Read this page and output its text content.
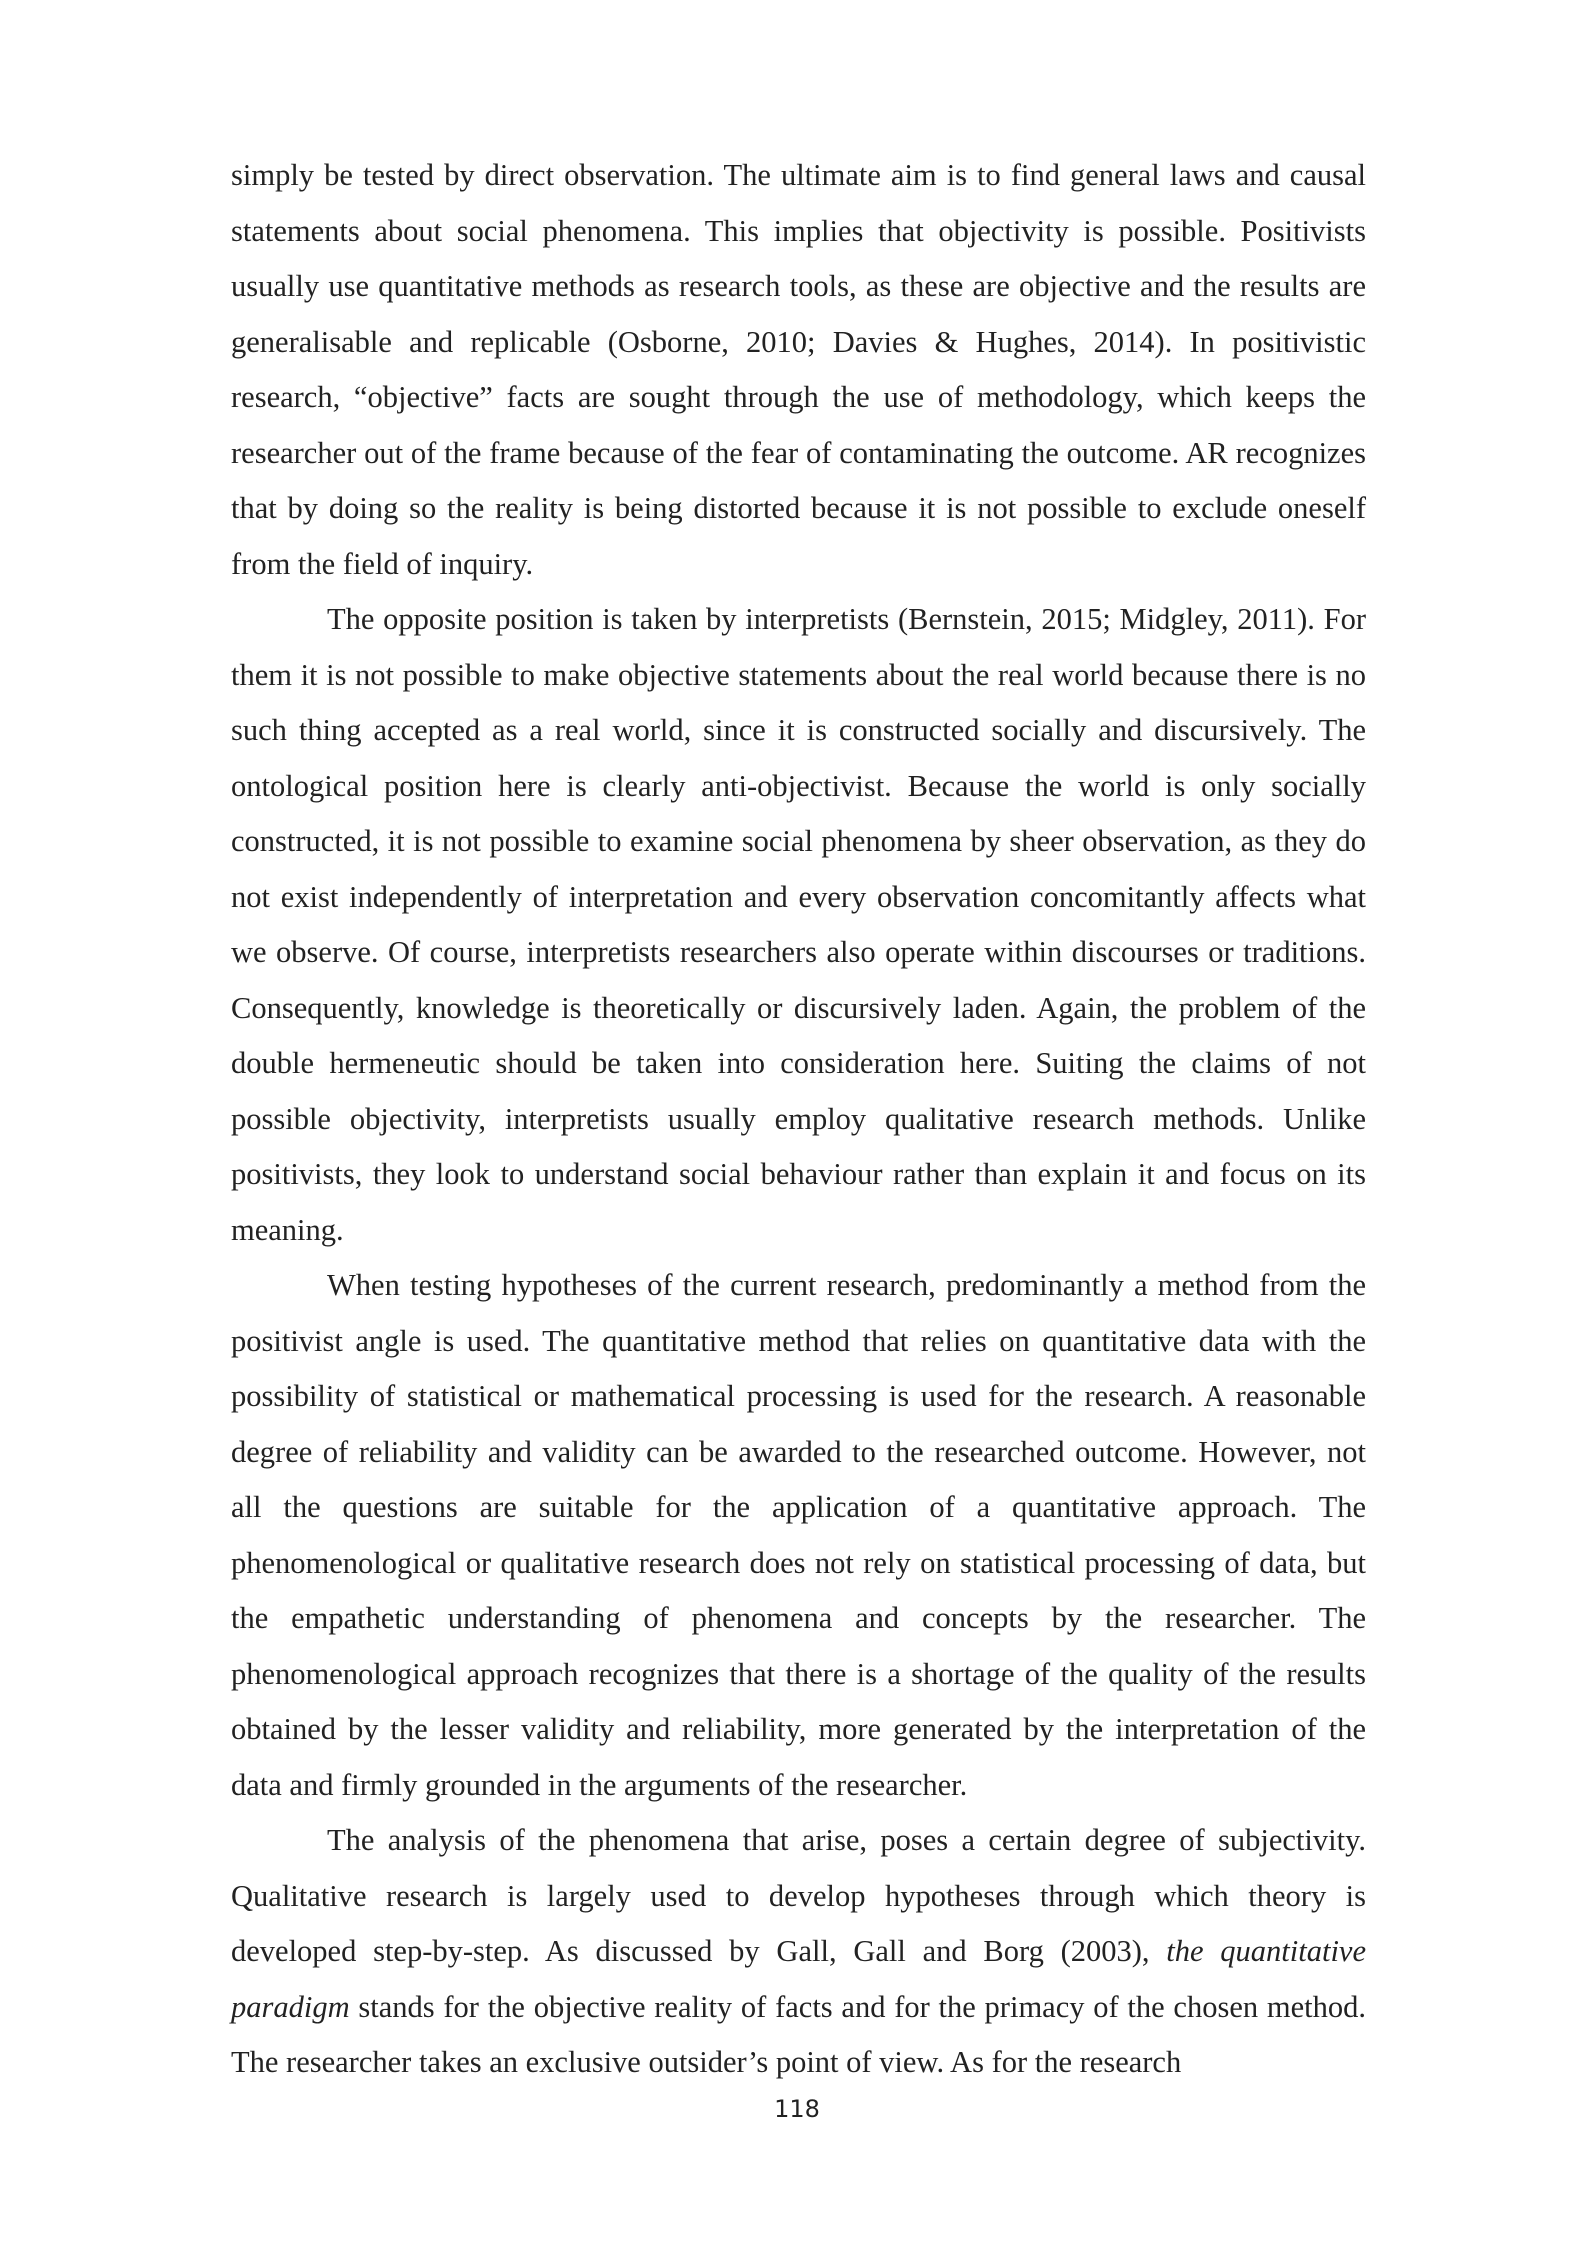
simply be tested by direct observation. The ultimate aim is to find general laws and causal statements about social phenomena. This implies that objectivity is possible. Positivists usually use quantitative methods as research tools, as these are objective and the results are generalisable and replicable (Osborne, 2010; Davies & Hughes, 2014). In positivistic research, “objective” facts are sought through the use of methodology, which keeps the researcher out of the frame because of the fear of contaminating the outcome. AR recognizes that by doing so the reality is being distorted because it is not possible to exclude oneself from the field of inquiry.

The opposite position is taken by interpretists (Bernstein, 2015; Midgley, 2011). For them it is not possible to make objective statements about the real world because there is no such thing accepted as a real world, since it is constructed socially and discursively. The ontological position here is clearly anti-objectivist. Because the world is only socially constructed, it is not possible to examine social phenomena by sheer observation, as they do not exist independently of interpretation and every observation concomitantly affects what we observe. Of course, interpretists researchers also operate within discourses or traditions. Consequently, knowledge is theoretically or discursively laden. Again, the problem of the double hermeneutic should be taken into consideration here. Suiting the claims of not possible objectivity, interpretists usually employ qualitative research methods. Unlike positivists, they look to understand social behaviour rather than explain it and focus on its meaning.

When testing hypotheses of the current research, predominantly a method from the positivist angle is used. The quantitative method that relies on quantitative data with the possibility of statistical or mathematical processing is used for the research. A reasonable degree of reliability and validity can be awarded to the researched outcome. However, not all the questions are suitable for the application of a quantitative approach. The phenomenological or qualitative research does not rely on statistical processing of data, but the empathetic understanding of phenomena and concepts by the researcher. The phenomenological approach recognizes that there is a shortage of the quality of the results obtained by the lesser validity and reliability, more generated by the interpretation of the data and firmly grounded in the arguments of the researcher.

The analysis of the phenomena that arise, poses a certain degree of subjectivity. Qualitative research is largely used to develop hypotheses through which theory is developed step-by-step. As discussed by Gall, Gall and Borg (2003), the quantitative paradigm stands for the objective reality of facts and for the primacy of the chosen method. The researcher takes an exclusive outsider’s point of view. As for the research

118
